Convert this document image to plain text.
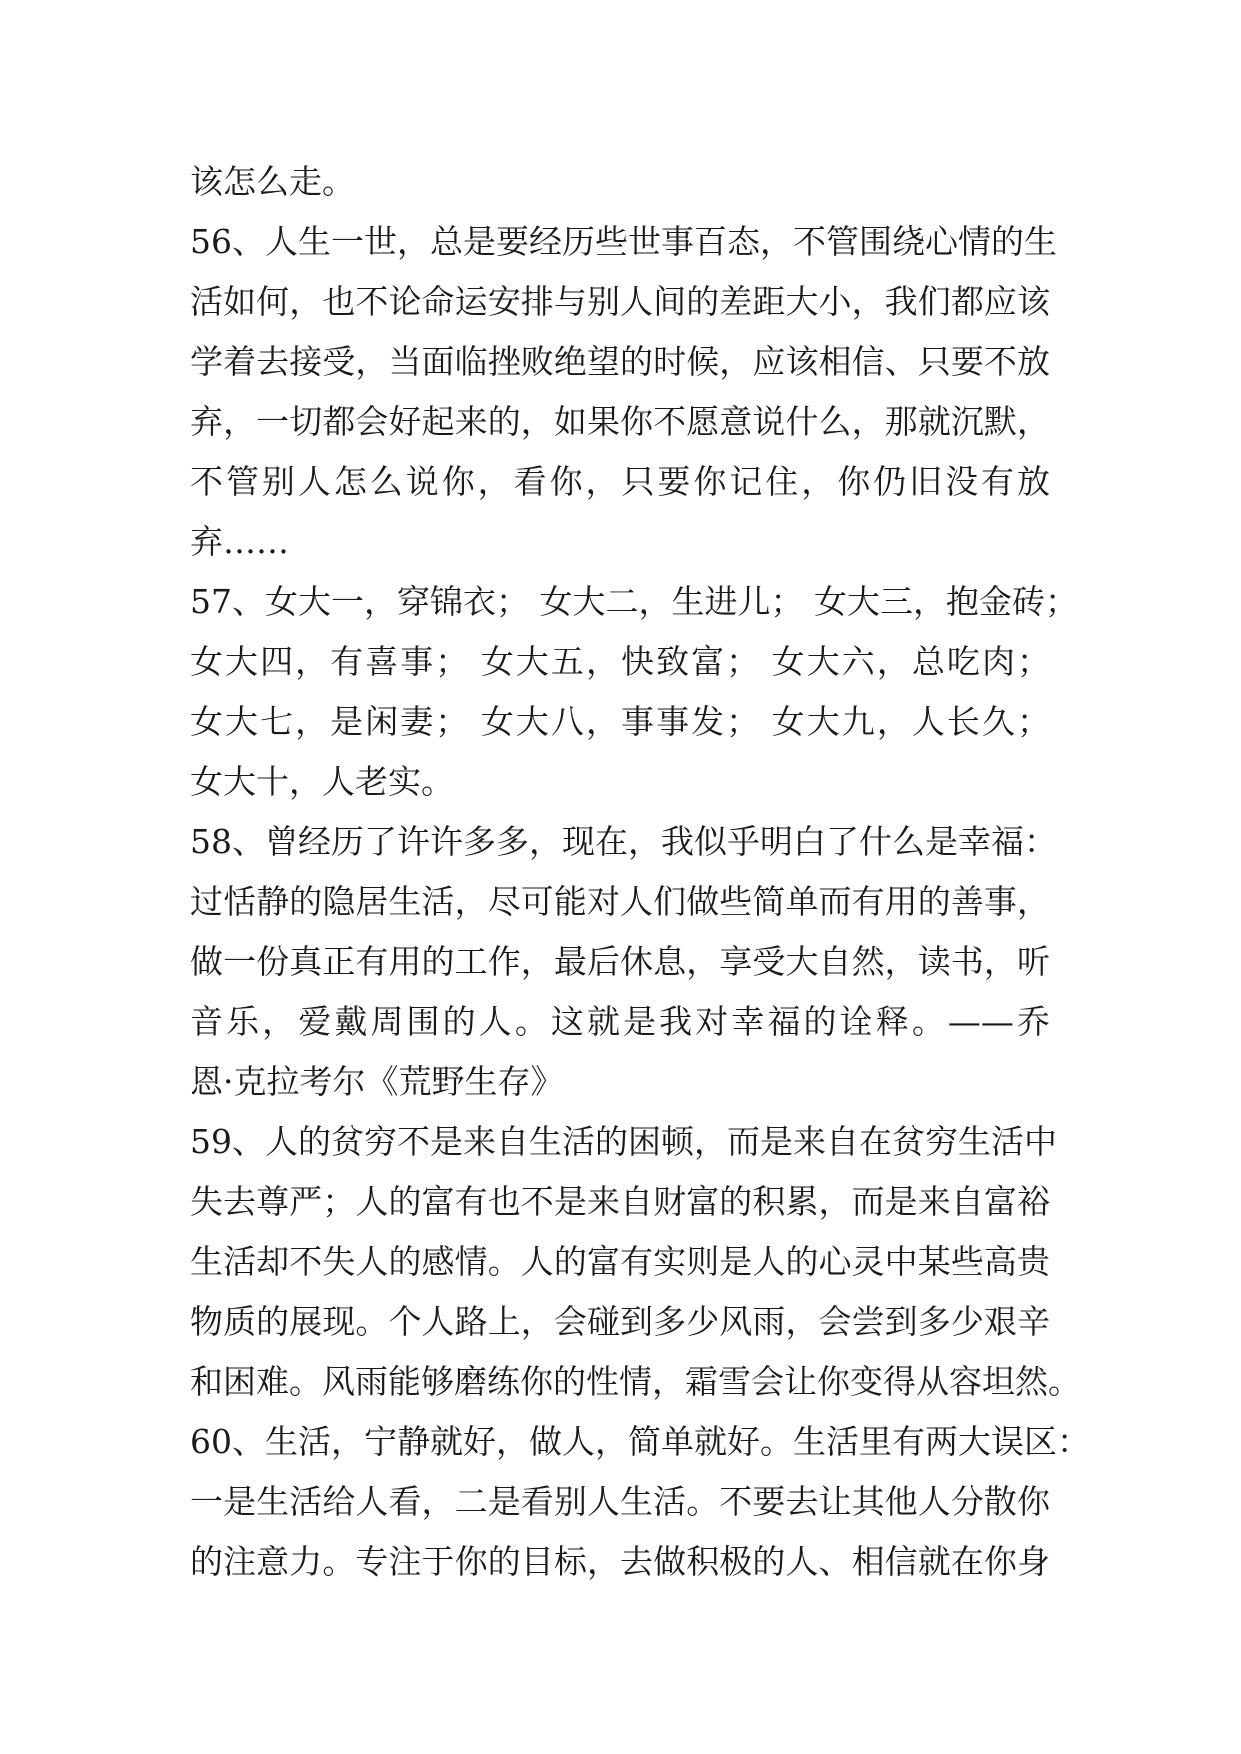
该怎么走。
56、人生一世，总是要经历些世事百态，不管围绕心情的生
活如何，也不论命运安排与别人间的差距大小，我们都应该
学着去接受，当面临挫败绝望的时候，应该相信、只要不放
弃，一切都会好起来的，如果你不愿意说什么，那就沉默，
不管别人怎么说你，看你，只要你记住，你仍旧没有放
弃……
57、女大一，穿锦衣； 女大二，生进儿； 女大三，抱金砖；
女大四，有喜事； 女大五，快致富； 女大六，总吃肉；
女大七，是闲妻； 女大八，事事发； 女大九，人长久；
女大十，人老实。
58、曾经历了许许多多，现在，我似乎明白了什么是幸福：
过恬静的隐居生活，尽可能对人们做些简单而有用的善事，
做一份真正有用的工作，最后休息，享受大自然，读书，听
音乐，爱戴周围的人。这就是我对幸福的诠释。——乔
恩·克拉考尔《荒野生存》
59、人的贫穷不是来自生活的困顿，而是来自在贫穷生活中
失去尊严；人的富有也不是来自财富的积累，而是来自富裕
生活却不失人的感情。人的富有实则是人的心灵中某些高贵
物质的展现。个人路上，会碰到多少风雨，会尝到多少艰辛
和困难。风雨能够磨练你的性情，霜雪会让你变得从容坦然。
60、生活，宁静就好，做人，简单就好。生活里有两大误区：
一是生活给人看，二是看别人生活。不要去让其他人分散你
的注意力。专注于你的目标，去做积极的人、相信就在你身
